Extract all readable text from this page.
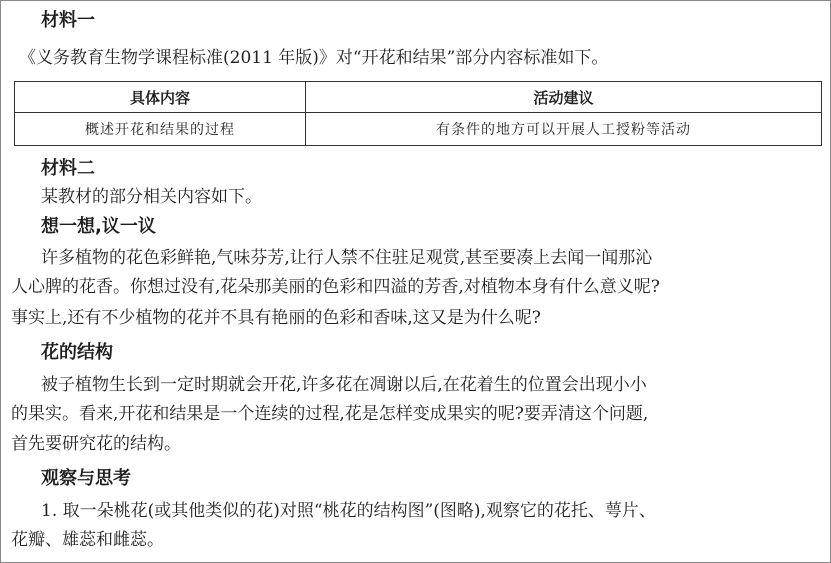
材料一
《义务教育生物学课程标准(2011 年版)》对“开花和结果”部分内容标准如下。
具体内容	活动建议
概述开花和结果的过程	有条件的地方可以开展人工授粉等活动
材料二
某教材的部分相关内容如下。
想一想,议一议
许多植物的花色彩鲜艳,气味芬芳,让行人禁不住驻足观赏,甚至要凑上去闻一闻那沁
人心脾的花香。你想过没有,花朵那美丽的色彩和四溢的芳香,对植物本身有什么意义呢?
事实上,还有不少植物的花并不具有艳丽的色彩和香味,这又是为什么呢?
花的结构
被子植物生长到一定时期就会开花,许多花在凋谢以后,在花着生的位置会出现小小
的果实。看来,开花和结果是一个连续的过程,花是怎样变成果实的呢?要弄清这个问题,
首先要研究花的结构。
观察与思考
1. 取一朵桃花(或其他类似的花)对照“桃花的结构图”(图略),观察它的花托、萼片、
花瓣、雄蕊和雌蕊。
